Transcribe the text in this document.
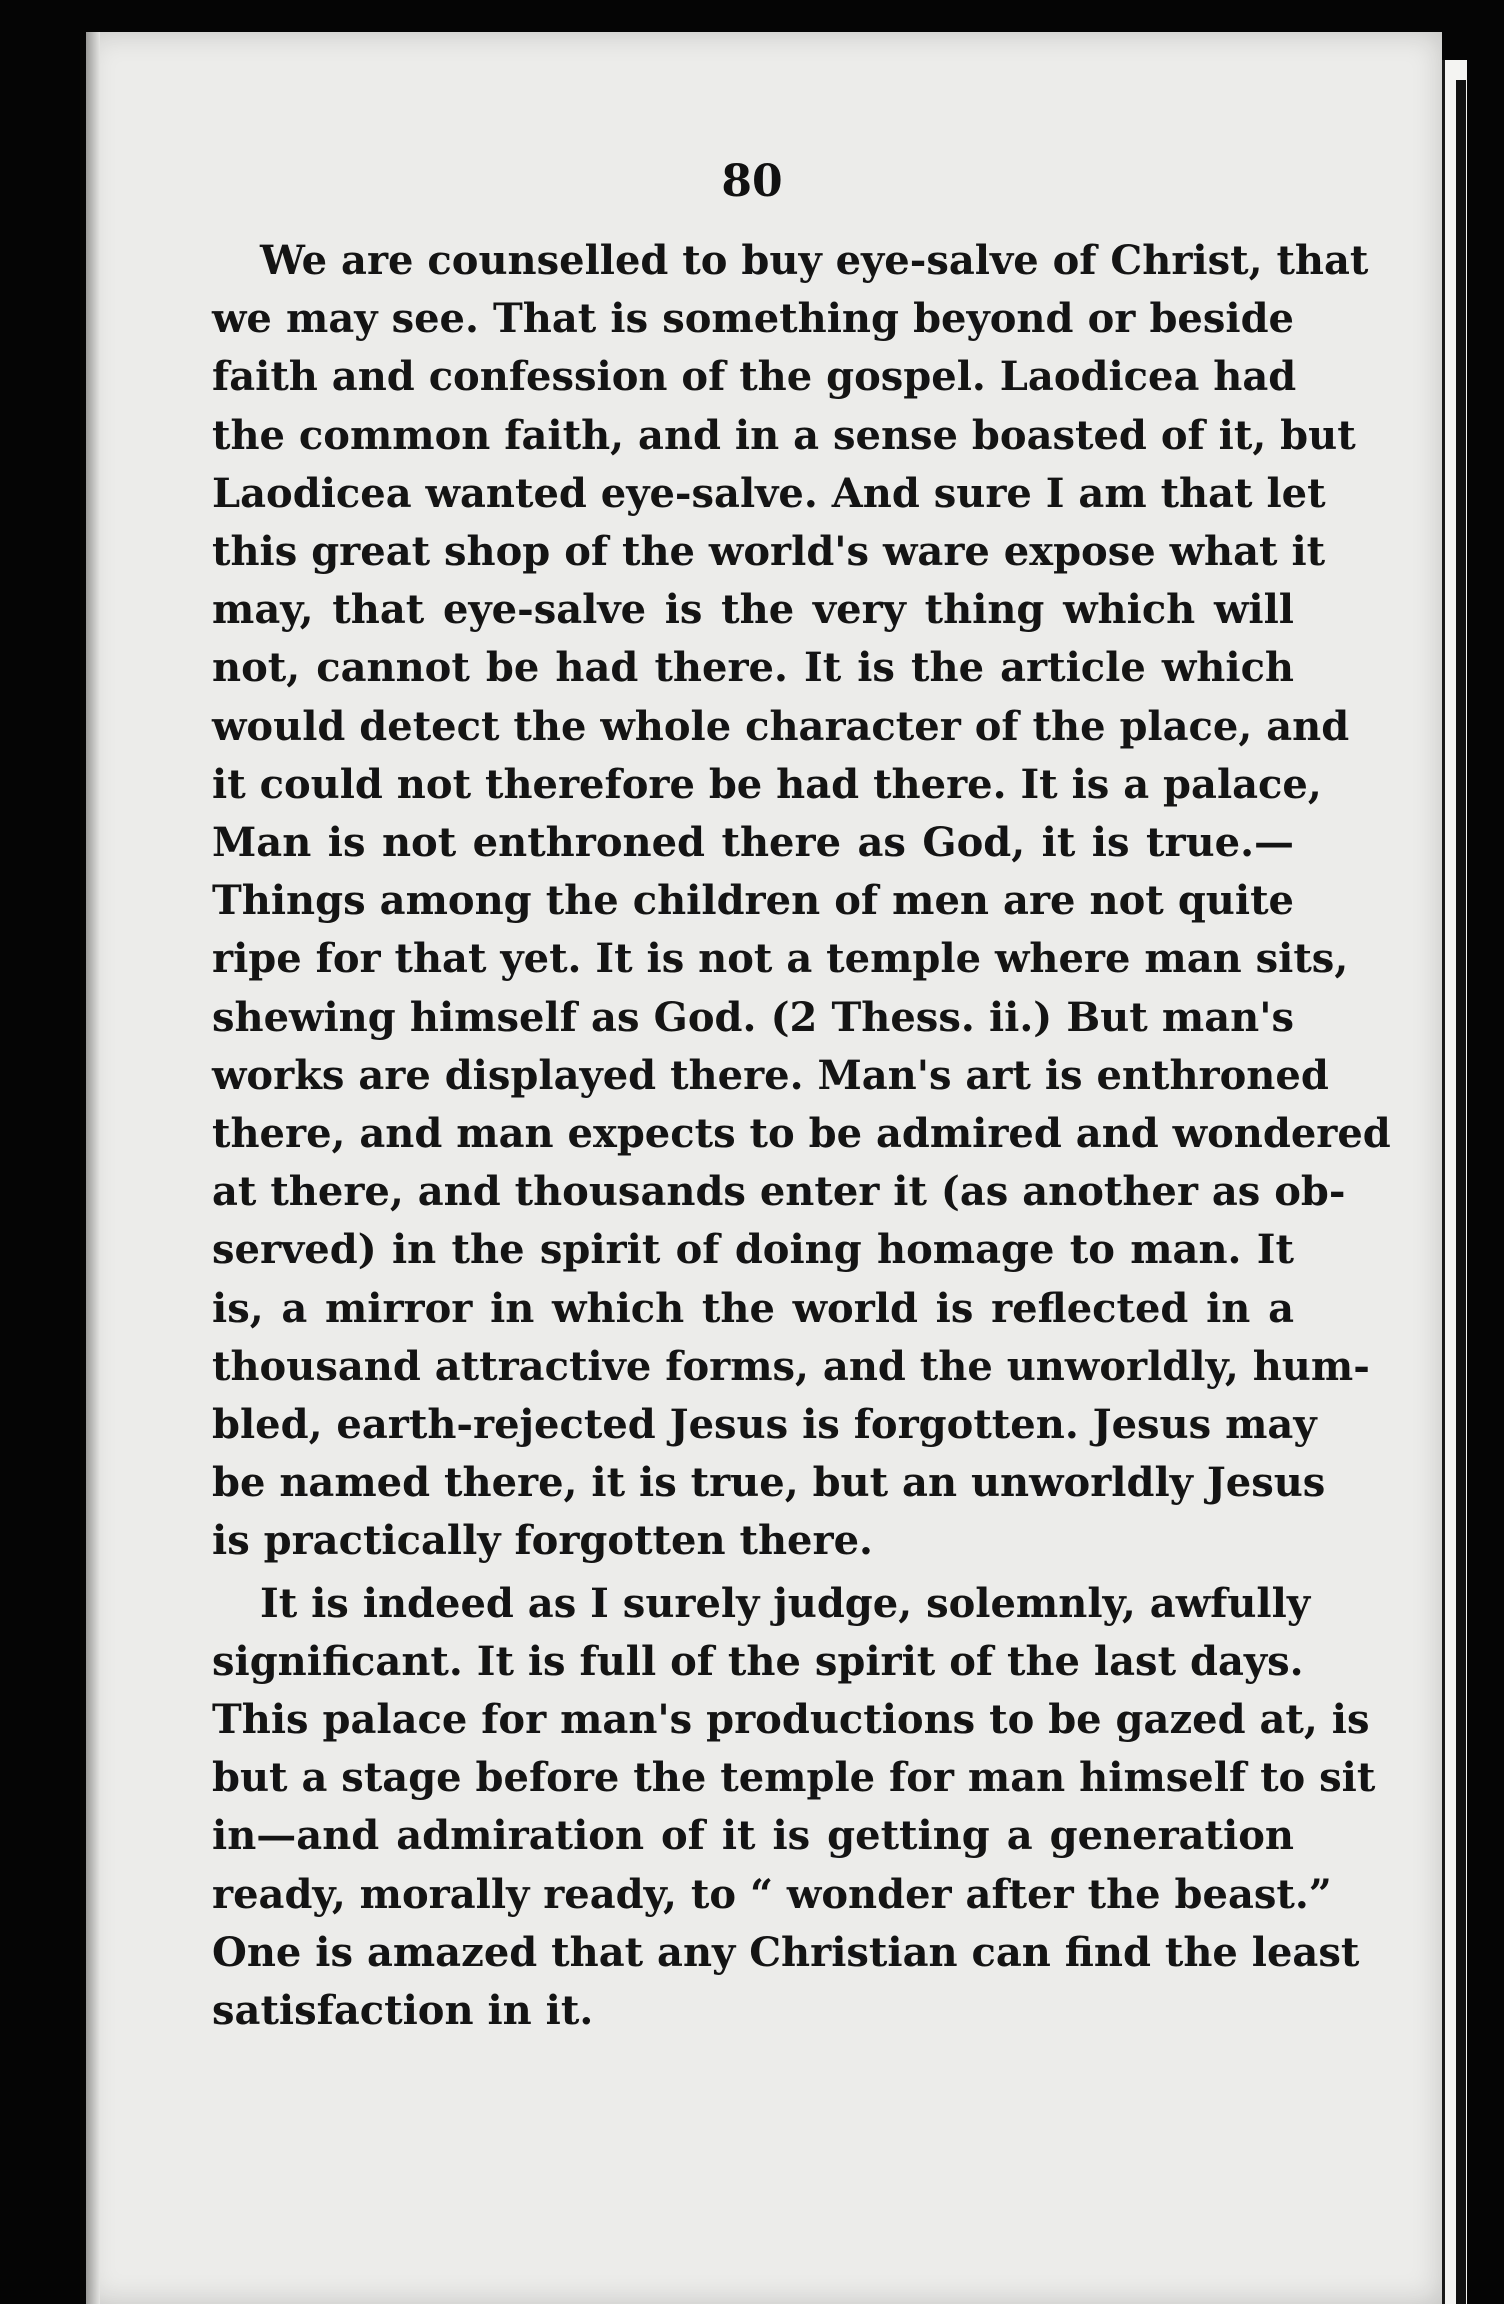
80

We are counselled to buy eye-salve of Christ, that
we may see. That is something beyond or beside
faith and confession of the gospel. Laodicea had
the common faith, and in a sense boasted of it, but
Laodicea wanted eye-salve. And sure I am that let
this great shop of the world's ware expose what it
may, that eye-salve is the very thing which will
not, cannot be had there. It is the article which
would detect the whole character of the place, and
it could not therefore be had there. It is a palace,
Man is not enthroned there as God, it is true.—
Things among the children of men are not quite
ripe for that yet. It is not a temple where man sits,
shewing himself as God. (2 Thess. ii.) But man's
works are displayed there. Man's art is enthroned
there, and man expects to be admired and wondered
at there, and thousands enter it (as another as ob-
served) in the spirit of doing homage to man. It
is, a mirror in which the world is reflected in a
thousand attractive forms, and the unworldly, hum-
bled, earth-rejected Jesus is forgotten. Jesus may
be named there, it is true, but an unworldly Jesus
is practically forgotten there.

It is indeed as I surely judge, solemnly, awfully
significant. It is full of the spirit of the last days.
This palace for man's productions to be gazed at, is
but a stage before the temple for man himself to sit
in—and admiration of it is getting a generation
ready, morally ready, to “ wonder after the beast.”
One is amazed that any Christian can find the least
satisfaction in it.
